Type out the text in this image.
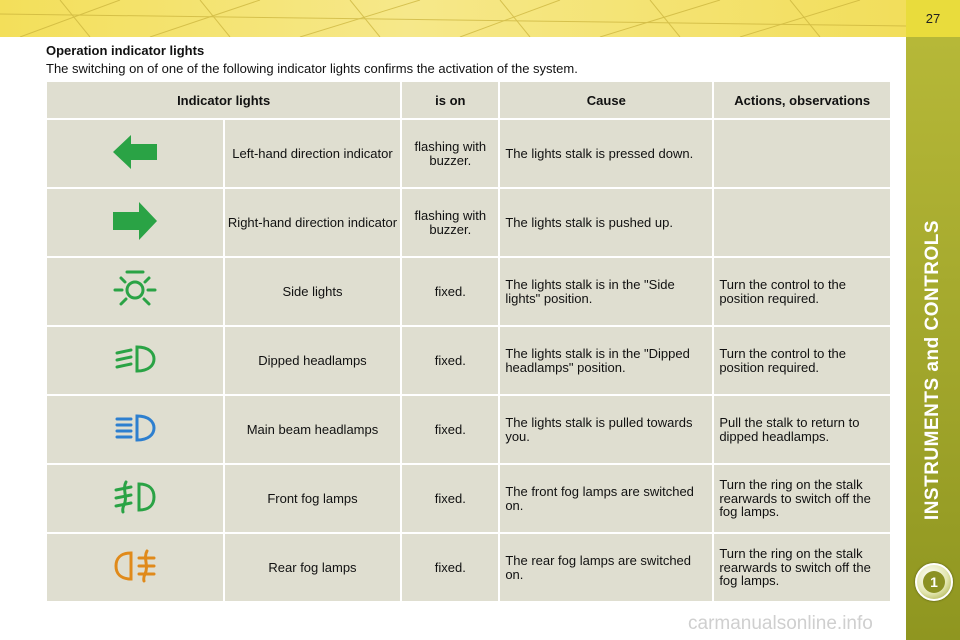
27
INSTRUMENTS and CONTROLS
1
Operation indicator lights
The switching on of one of the following indicator lights confirms the activation of the system.
Indicator lights		is on	Cause	Actions, observations
	Left-hand direction indicator	flashing with buzzer.	The lights stalk is pressed down.	
	Right-hand direction indicator	flashing with buzzer.	The lights stalk is pushed up.	
	Side lights	fixed.	The lights stalk is in the "Side lights" position.	Turn the control to the position required.
	Dipped headlamps	fixed.	The lights stalk is in the "Dipped headlamps" position.	Turn the control to the position required.
	Main beam headlamps	fixed.	The lights stalk is pulled towards you.	Pull the stalk to return to dipped headlamps.
	Front fog lamps	fixed.	The front fog lamps are switched on.	Turn the ring on the stalk rearwards to switch off the fog lamps.
	Rear fog lamps	fixed.	The rear fog lamps are switched on.	Turn the ring on the stalk rearwards to switch off the fog lamps.
carmanualsonline.info
